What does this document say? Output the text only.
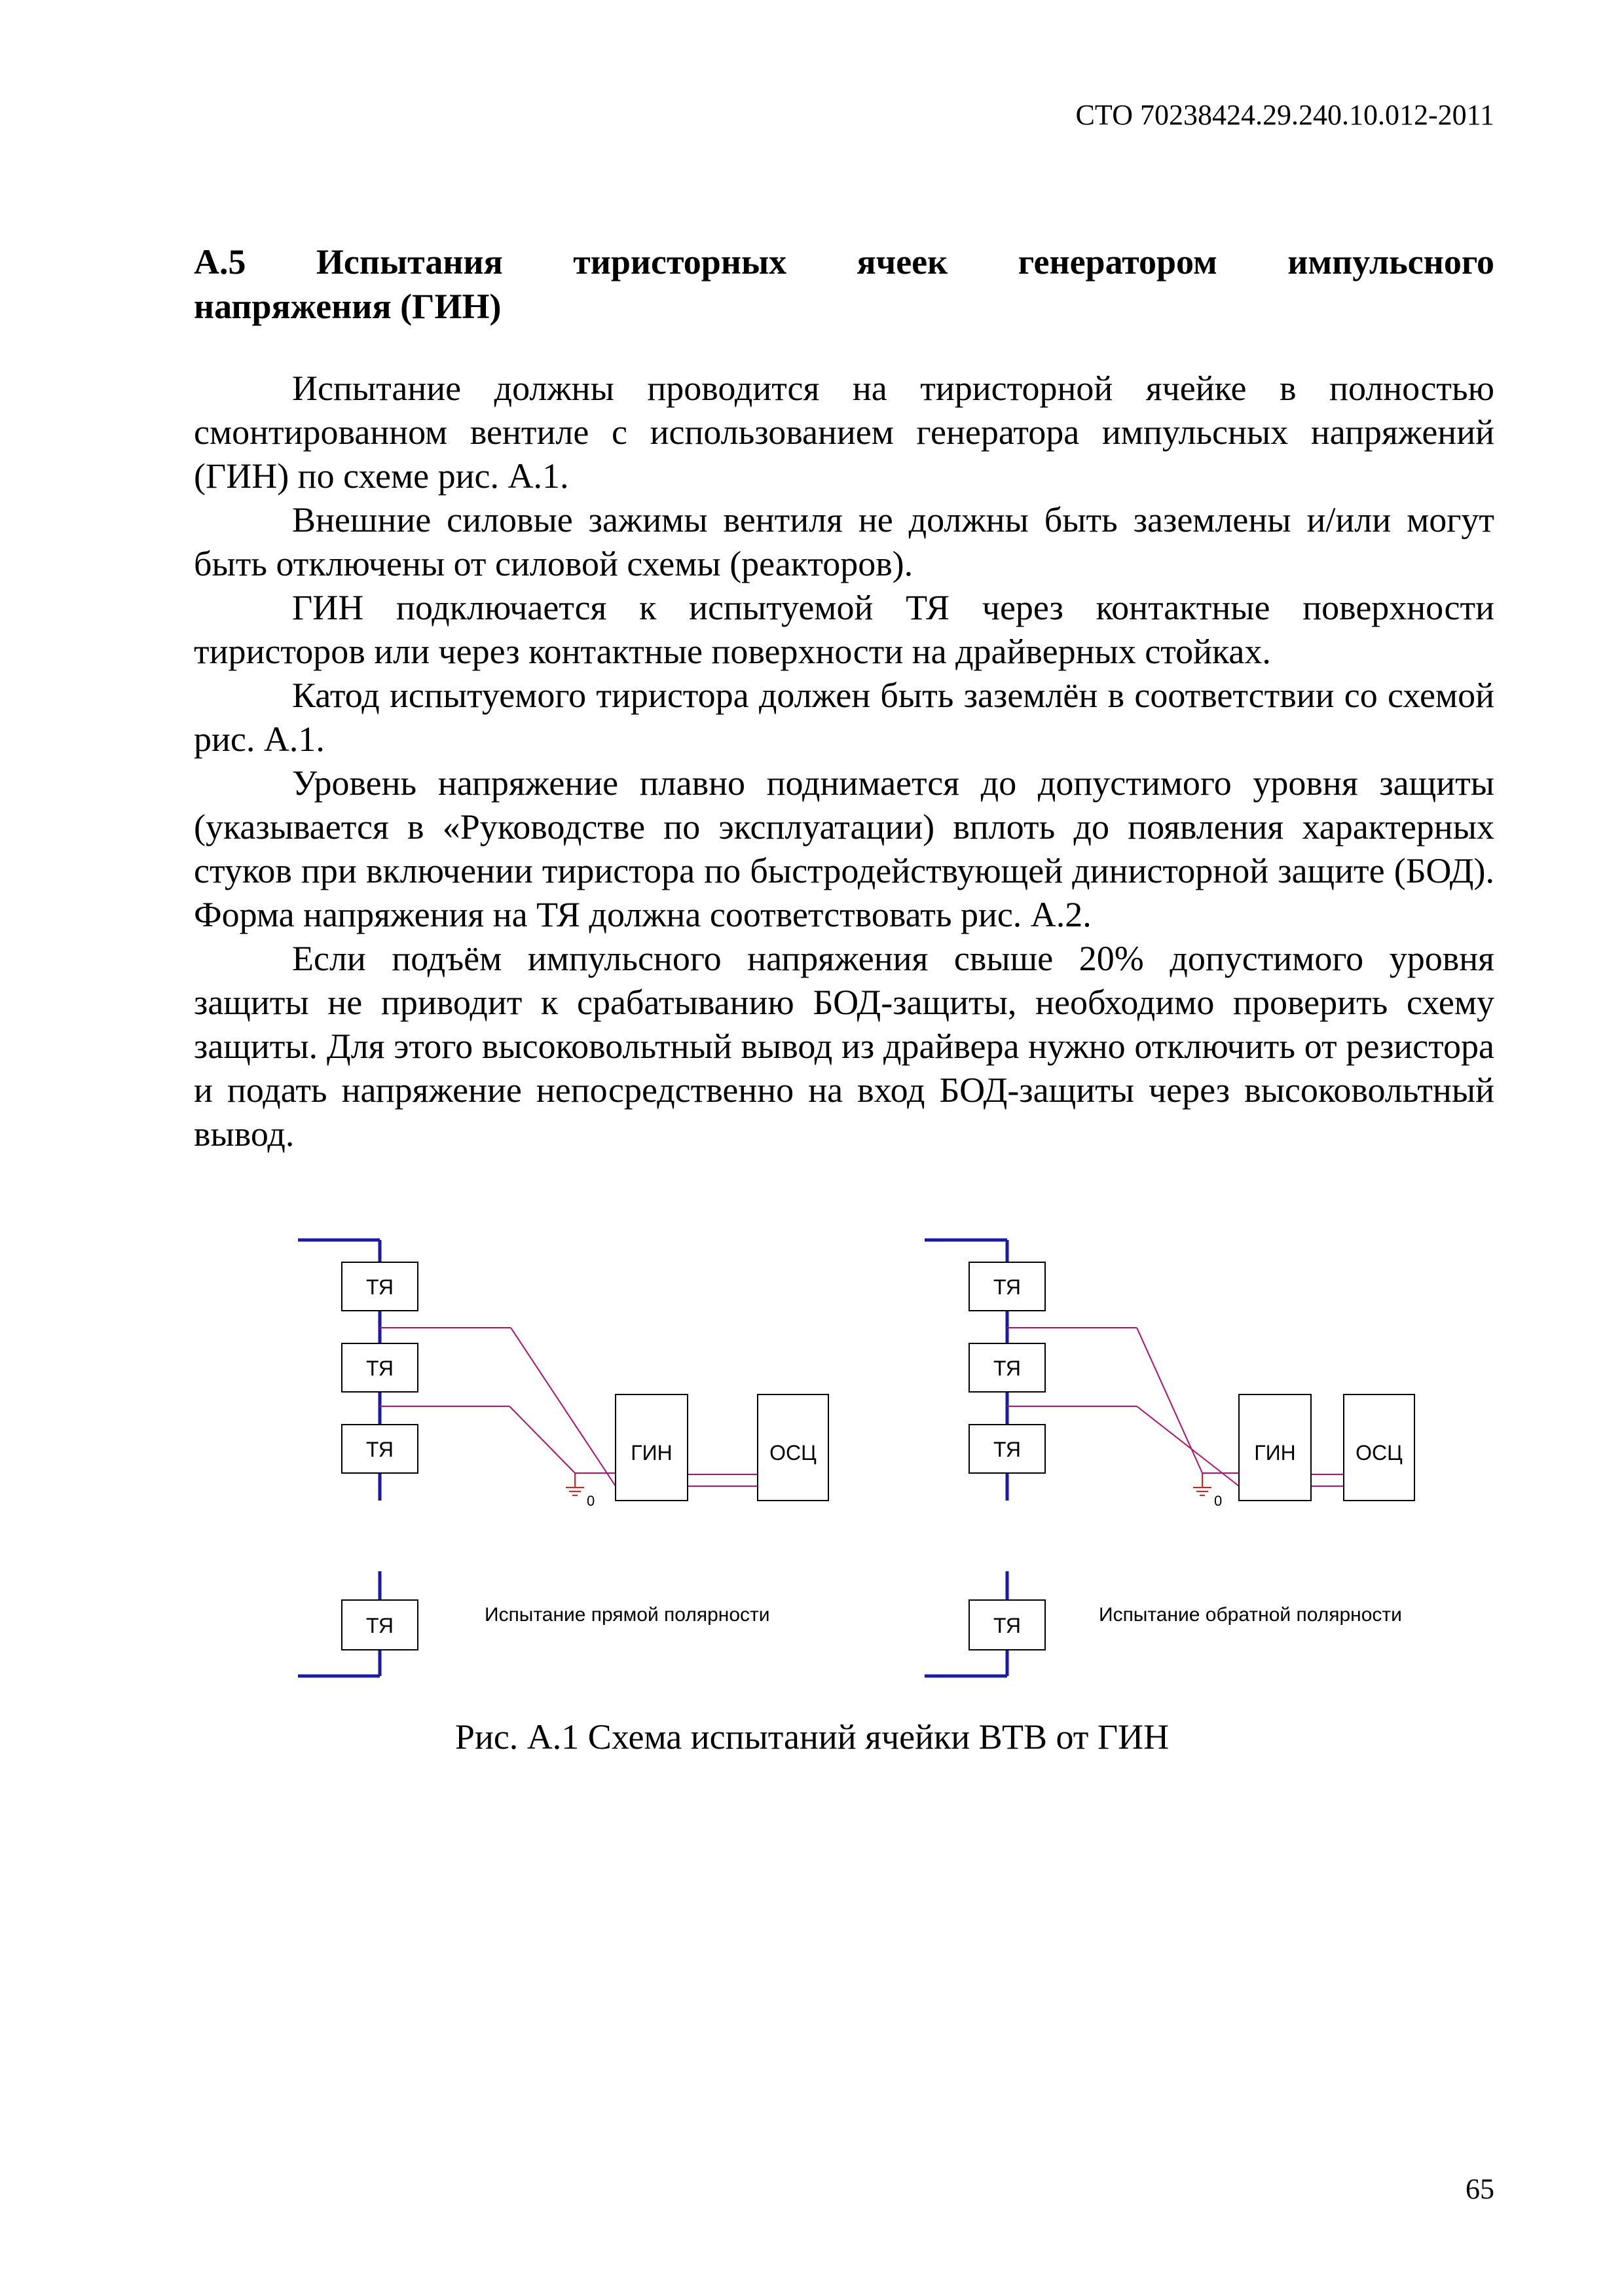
СТО 70238424.29.240.10.012-2011
А.5 Испытания тиристорных ячеек генератором импульсного
напряжения (ГИН)

Испытание должны проводится на тиристорной ячейке в полностью смонтированном вентиле с использованием генератора импульсных напряжений (ГИН) по схеме рис. А.1.

Внешние силовые зажимы вентиля не должны быть заземлены и/или могут быть отключены от силовой схемы (реакторов).

ГИН подключается к испытуемой ТЯ через контактные поверхности тиристоров или через контактные поверхности на драйверных стойках.

Катод испытуемого тиристора должен быть заземлён в соответствии со схемой рис. А.1.

Уровень напряжение плавно поднимается до допустимого уровня защиты (указывается в «Руководстве по эксплуатации) вплоть до появления характерных стуков при включении тиристора по быстродействующей динисторной защите (БОД). Форма напряжения на ТЯ должна соответствовать рис. А.2.

Если подъём импульсного напряжения свыше 20% допустимого уровня защиты не приводит к срабатыванию БОД-защиты, необходимо проверить схему защиты. Для этого высоковольтный вывод из драйвера нужно отключить от резистора и подать напряжение непосредственно на вход БОД-защиты через высоковольтный вывод.

ТЯ
ТЯ
ТЯ
ТЯ
0
ГИН	ОСЦ
Испытание прямой полярности
ТЯ
ТЯ
ТЯ
ТЯ
0
ГИН	ОСЦ
Испытание обратной полярности
Рис. А.1 Схема испытаний ячейки ВТВ от ГИН
65
